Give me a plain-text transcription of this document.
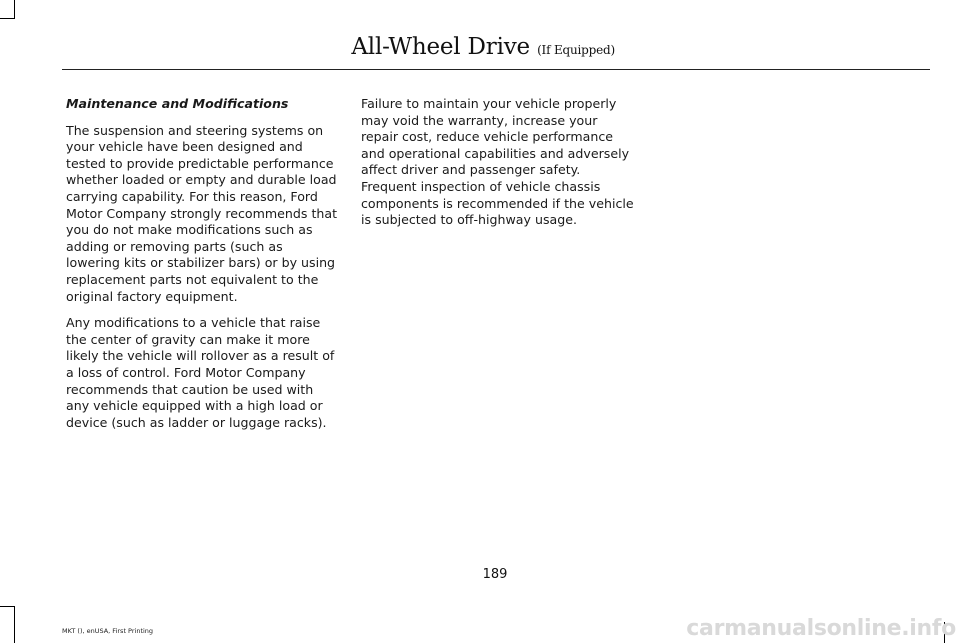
All-Wheel Drive (If Equipped)

Maintenance and Modifications

The suspension and steering systems on your vehicle have been designed and tested to provide predictable performance whether loaded or empty and durable load carrying capability. For this reason, Ford Motor Company strongly recommends that you do not make modifications such as adding or removing parts (such as lowering kits or stabilizer bars) or by using replacement parts not equivalent to the original factory equipment.

Any modifications to a vehicle that raise the center of gravity can make it more likely the vehicle will rollover as a result of a loss of control. Ford Motor Company recommends that caution be used with any vehicle equipped with a high load or device (such as ladder or luggage racks).

Failure to maintain your vehicle properly may void the warranty, increase your repair cost, reduce vehicle performance and operational capabilities and adversely affect driver and passenger safety. Frequent inspection of vehicle chassis components is recommended if the vehicle is subjected to off-highway usage.

189
MKT (), enUSA, First Printing	carmanualsonline.info
